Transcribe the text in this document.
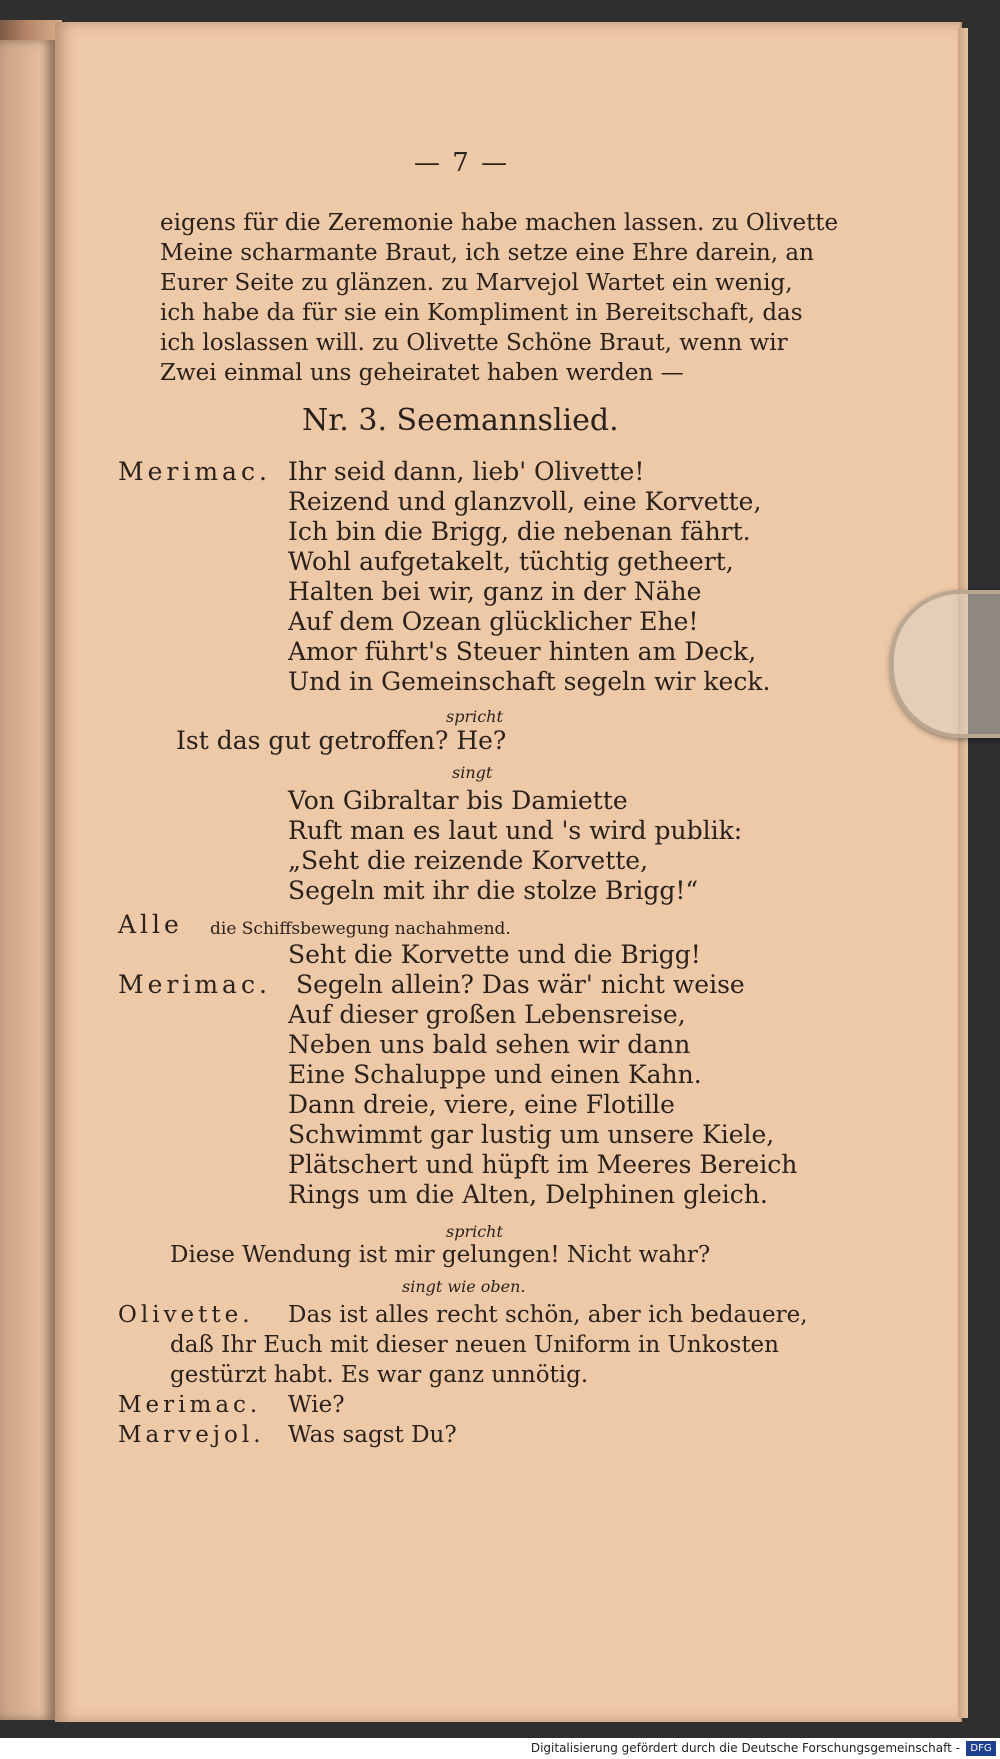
— 7 —
eigens für die Zeremonie habe machen lassen. zu Olivette
Meine scharmante Braut, ich setze eine Ehre darein, an
Eurer Seite zu glänzen. zu Marvejol Wartet ein wenig,
ich habe da für sie ein Kompliment in Bereitschaft, das
ich loslassen will. zu Olivette Schöne Braut, wenn wir
Zwei einmal uns geheiratet haben werden —
Nr. 3. Seemannslied.
Merimac. Ihr seid dann, lieb' Olivette!
Reizend und glanzvoll, eine Korvette,
Ich bin die Brigg, die nebenan fährt.
Wohl aufgetakelt, tüchtig getheert,
Halten bei wir, ganz in der Nähe
Auf dem Ozean glücklicher Ehe!
Amor führt's Steuer hinten am Deck,
Und in Gemeinschaft segeln wir keck.
spricht
Ist das gut getroffen? He?
singt
Von Gibraltar bis Damiette
Ruft man es laut und 's wird publik:
„Seht die reizende Korvette,
Segeln mit ihr die stolze Brigg!“
Alle die Schiffsbewegung nachahmend.
Seht die Korvette und die Brigg!
Merimac. Segeln allein? Das wär' nicht weise
Auf dieser großen Lebensreise,
Neben uns bald sehen wir dann
Eine Schaluppe und einen Kahn.
Dann dreie, viere, eine Flotille
Schwimmt gar lustig um unsere Kiele,
Plätschert und hüpft im Meeres Bereich
Rings um die Alten, Delphinen gleich.
spricht
Diese Wendung ist mir gelungen! Nicht wahr?
singt wie oben.
Olivette. Das ist alles recht schön, aber ich bedauere,
daß Ihr Euch mit dieser neuen Uniform in Unkosten
gestürzt habt. Es war ganz unnötig.
Merimac. Wie?
Marvejol. Was sagst Du?
Digitalisierung gefördert durch die Deutsche Forschungsgemeinschaft -	DFG
